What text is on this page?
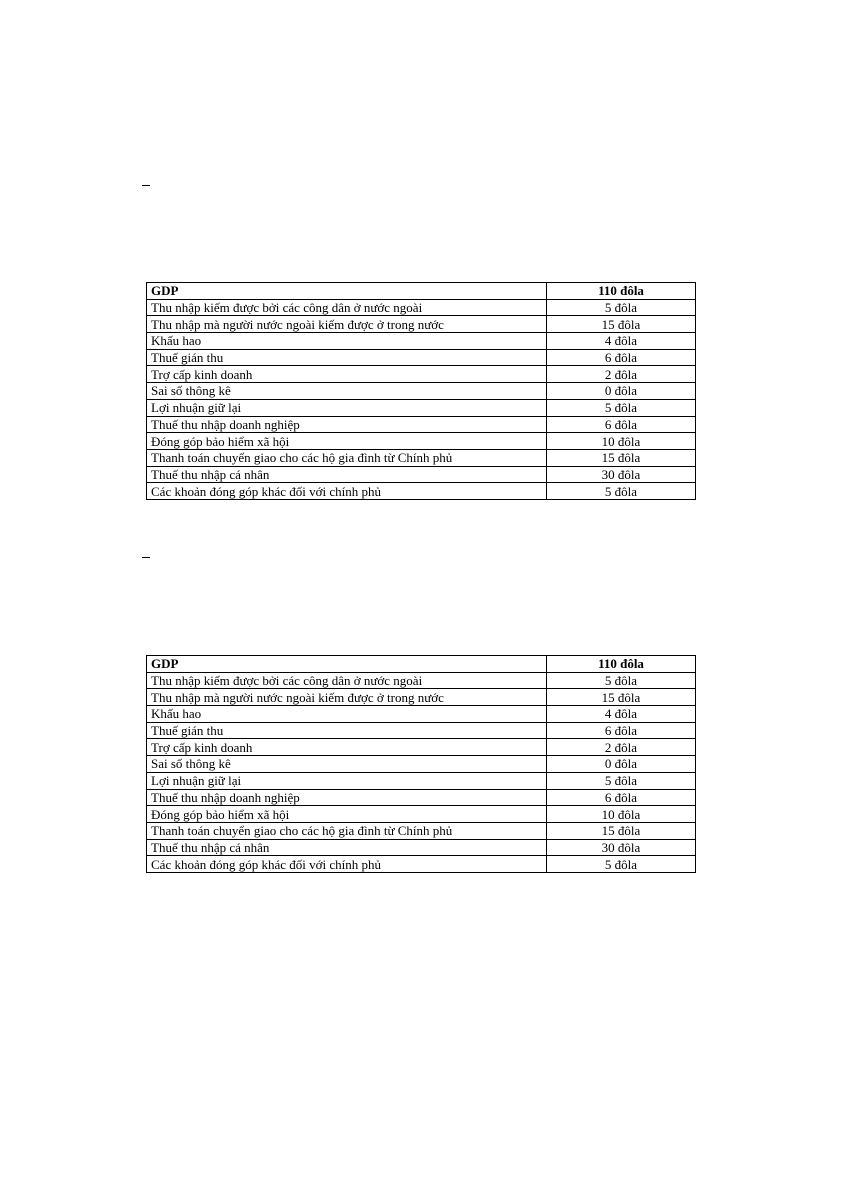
GDP	110 đôla
Thu nhập kiếm được bởi các công dân ở nước ngoài	5 đôla
Thu nhập mà người nước ngoài kiếm được ở trong nước	15 đôla
Khấu hao	4 đôla
Thuế gián thu	6 đôla
Trợ cấp kinh doanh	2 đôla
Sai số thông kê	0 đôla
Lợi nhuận giữ lại	5 đôla
Thuế thu nhập doanh nghiệp	6 đôla
Đóng góp bảo hiểm xã hội	10 đôla
Thanh toán chuyển giao cho các hộ gia đình từ Chính phủ	15 đôla
Thuế thu nhập cá nhân	30 đôla
Các khoản đóng góp khác đối với chính phủ	5 đôla
GDP	110 đôla
Thu nhập kiếm được bởi các công dân ở nước ngoài	5 đôla
Thu nhập mà người nước ngoài kiếm được ở trong nước	15 đôla
Khấu hao	4 đôla
Thuế gián thu	6 đôla
Trợ cấp kinh doanh	2 đôla
Sai số thông kê	0 đôla
Lợi nhuận giữ lại	5 đôla
Thuế thu nhập doanh nghiệp	6 đôla
Đóng góp bảo hiểm xã hội	10 đôla
Thanh toán chuyển giao cho các hộ gia đình từ Chính phủ	15 đôla
Thuế thu nhập cá nhân	30 đôla
Các khoản đóng góp khác đối với chính phủ	5 đôla
